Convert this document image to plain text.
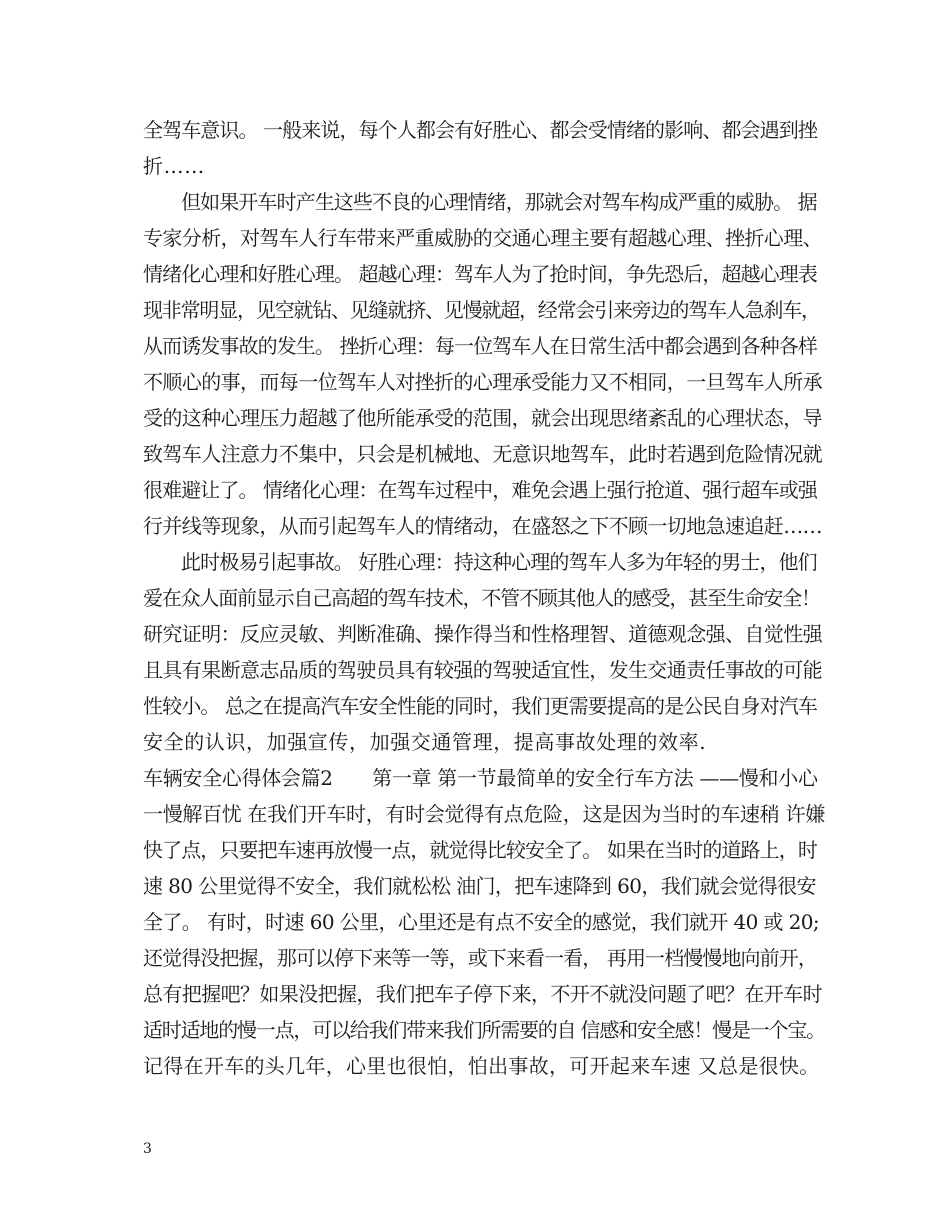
全驾车意识。 一般来说，每个人都会有好胜心、都会受情绪的影响、都会遇到挫
折……
但如果开车时产生这些不良的心理情绪，那就会对驾车构成严重的威胁。 据
专家分析，对驾车人行车带来严重威胁的交通心理主要有超越心理、挫折心理、
情绪化心理和好胜心理。 超越心理：驾车人为了抢时间，争先恐后，超越心理表
现非常明显，见空就钻、见缝就挤、见慢就超，经常会引来旁边的驾车人急刹车，
从而诱发事故的发生。 挫折心理：每一位驾车人在日常生活中都会遇到各种各样
不顺心的事，而每一位驾车人对挫折的心理承受能力又不相同，一旦驾车人所承
受的这种心理压力超越了他所能承受的范围，就会出现思绪紊乱的心理状态，导
致驾车人注意力不集中，只会是机械地、无意识地驾车，此时若遇到危险情况就
很难避让了。 情绪化心理：在驾车过程中，难免会遇上强行抢道、强行超车或强
行并线等现象，从而引起驾车人的情绪动，在盛怒之下不顾一切地急速追赶……
此时极易引起事故。 好胜心理：持这种心理的驾车人多为年轻的男士，他们
爱在众人面前显示自己高超的驾车技术，不管不顾其他人的感受，甚至生命安全！
研究证明：反应灵敏、判断准确、操作得当和性格理智、道德观念强、自觉性强
且具有果断意志品质的驾驶员具有较强的驾驶适宜性，发生交通责任事故的可能
性较小。 总之在提高汽车安全性能的同时，我们更需要提高的是公民自身对汽车
安全的认识，加强宣传，加强交通管理，提高事故处理的效率.
车辆安全心得体会篇2　　第一章 第一节最简单的安全行车方法 ——慢和小心
一慢解百忧 在我们开车时，有时会觉得有点危险，这是因为当时的车速稍 许嫌
快了点，只要把车速再放慢一点，就觉得比较安全了。 如果在当时的道路上，时
速 80 公里觉得不安全，我们就松松 油门，把车速降到 60，我们就会觉得很安
全了。 有时，时速 60 公里，心里还是有点不安全的感觉，我们就开 40 或 20;
还觉得没把握，那可以停下来等一等，或下来看一看， 再用一档慢慢地向前开，
总有把握吧？如果没把握，我们把车子停下来，不开不就没问题了吧？在开车时
适时适地的慢一点，可以给我们带来我们所需要的自 信感和安全感！慢是一个宝。
记得在开车的头几年，心里也很怕，怕出事故，可开起来车速 又总是很快。
3
